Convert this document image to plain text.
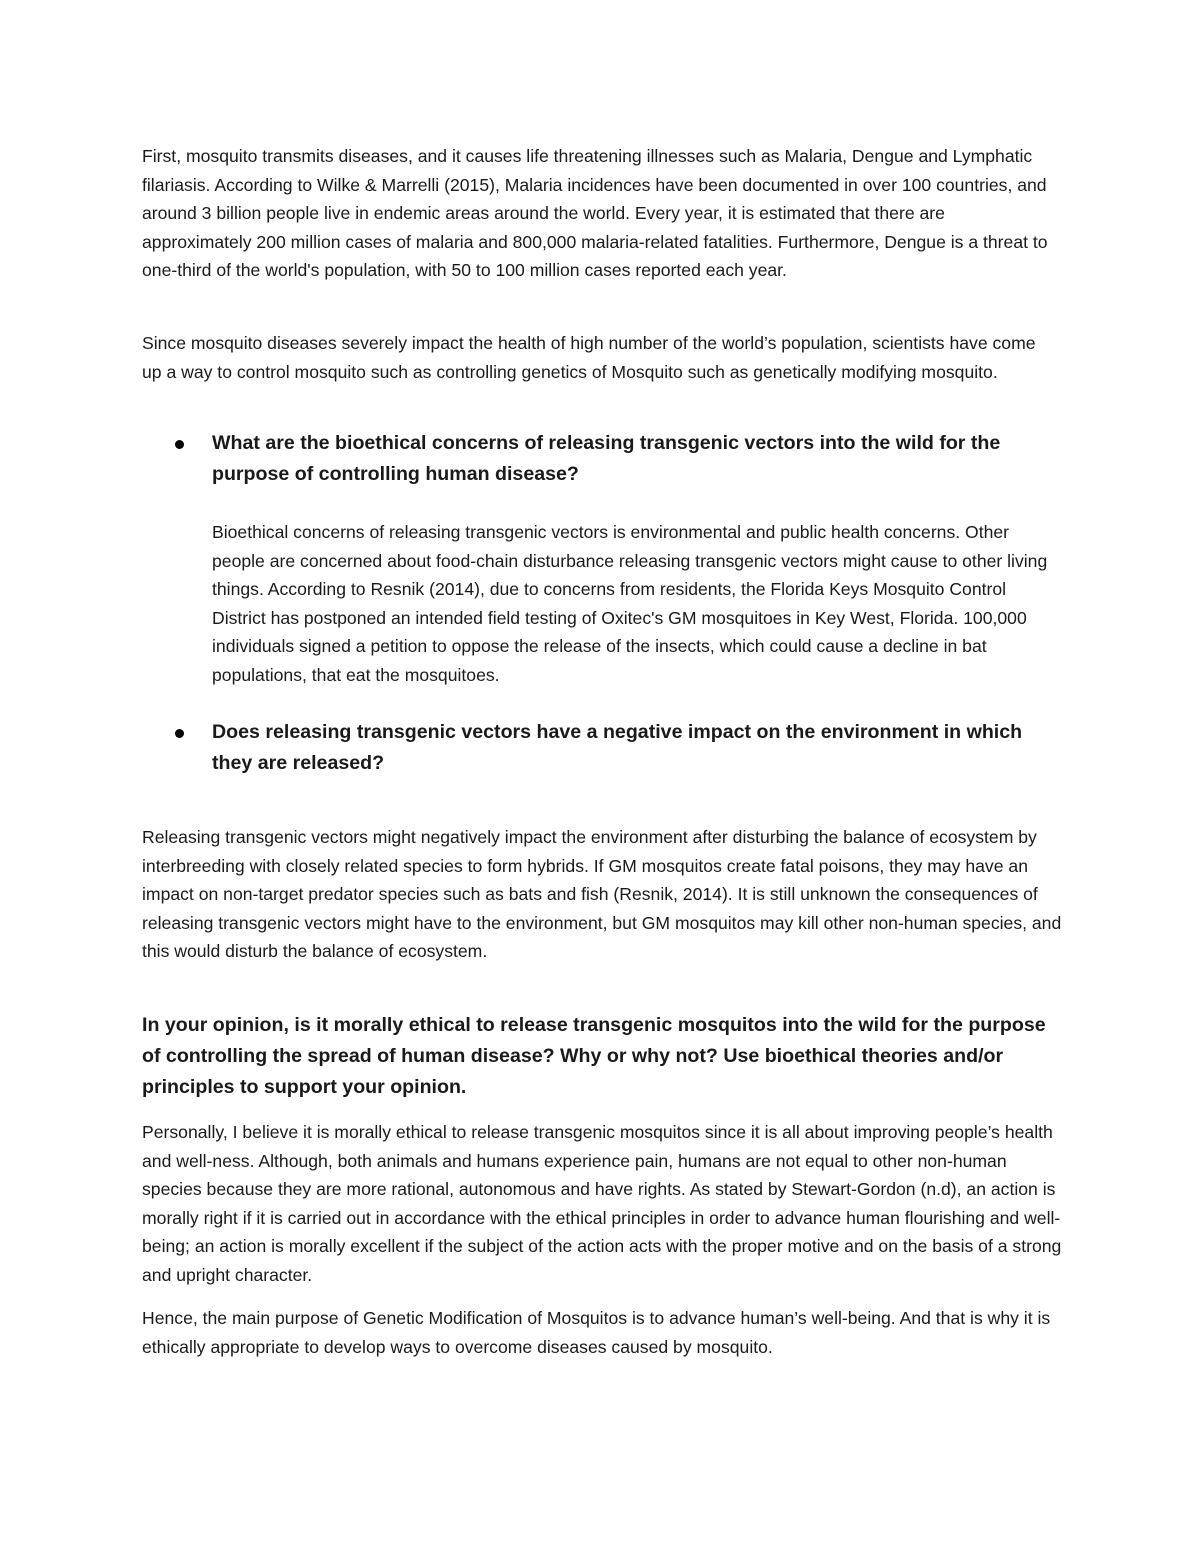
First, mosquito transmits diseases, and it causes life threatening illnesses such as Malaria, Dengue and Lymphatic filariasis. According to Wilke & Marrelli (2015), Malaria incidences have been documented in over 100 countries, and around 3 billion people live in endemic areas around the world. Every year, it is estimated that there are approximately 200 million cases of malaria and 800,000 malaria-related fatalities. Furthermore, Dengue is a threat to one-third of the world's population, with 50 to 100 million cases reported each year.

Since mosquito diseases severely impact the health of high number of the world’s population, scientists have come up a way to control mosquito such as controlling genetics of Mosquito such as genetically modifying mosquito.

What are the bioethical concerns of releasing transgenic vectors into the wild for the purpose of controlling human disease?

Bioethical concerns of releasing transgenic vectors is environmental and public health concerns. Other people are concerned about food-chain disturbance releasing transgenic vectors might cause to other living things. According to Resnik (2014), due to concerns from residents, the Florida Keys Mosquito Control District has postponed an intended field testing of Oxitec's GM mosquitoes in Key West, Florida. 100,000 individuals signed a petition to oppose the release of the insects, which could cause a decline in bat populations, that eat the mosquitoes.

Does releasing transgenic vectors have a negative impact on the environment in which they are released?

Releasing transgenic vectors might negatively impact the environment after disturbing the balance of ecosystem by interbreeding with closely related species to form hybrids. If GM mosquitos create fatal poisons, they may have an impact on non-target predator species such as bats and fish (Resnik, 2014). It is still unknown the consequences of releasing transgenic vectors might have to the environment, but GM mosquitos may kill other non-human species, and this would disturb the balance of ecosystem.

In your opinion, is it morally ethical to release transgenic mosquitos into the wild for the purpose of controlling the spread of human disease? Why or why not? Use bioethical theories and/or principles to support your opinion.

Personally, I believe it is morally ethical to release transgenic mosquitos since it is all about improving people’s health and well-ness. Although, both animals and humans experience pain, humans are not equal to other non-human species because they are more rational, autonomous and have rights. As stated by Stewart-Gordon (n.d), an action is morally right if it is carried out in accordance with the ethical principles in order to advance human flourishing and well-being; an action is morally excellent if the subject of the action acts with the proper motive and on the basis of a strong and upright character.

Hence, the main purpose of Genetic Modification of Mosquitos is to advance human’s well-being. And that is why it is ethically appropriate to develop ways to overcome diseases caused by mosquito.
